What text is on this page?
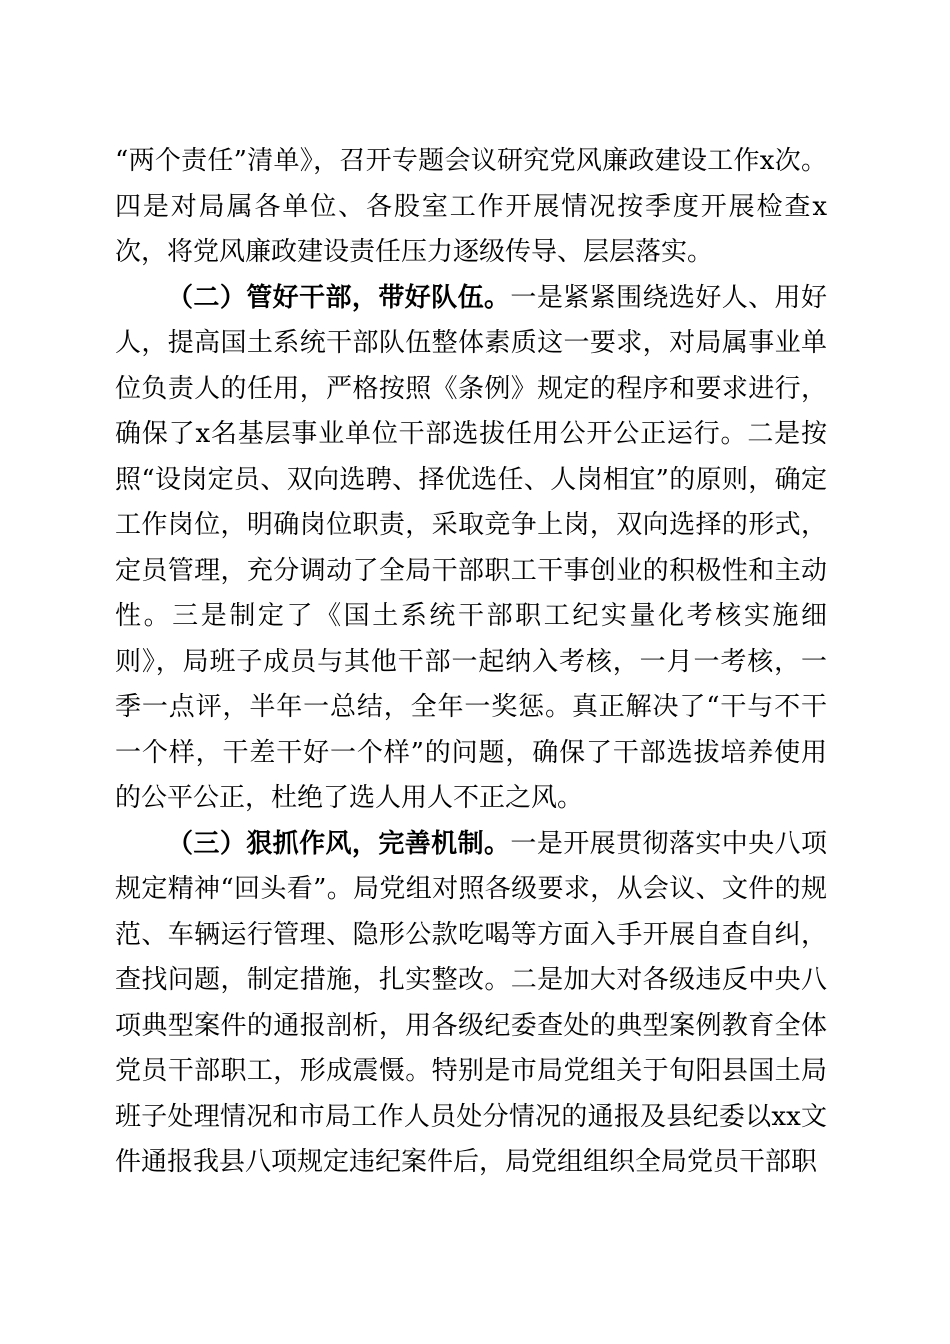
“两个责任”清单》，召开专题会议研究党风廉政建设工作x次。四是对局属各单位、各股室工作开展情况按季度开展检查x次，将党风廉政建设责任压力逐级传导、层层落实。

（二）管好干部，带好队伍。一是紧紧围绕选好人、用好人，提高国土系统干部队伍整体素质这一要求，对局属事业单位负责人的任用，严格按照《条例》规定的程序和要求进行，确保了x名基层事业单位干部选拔任用公开公正运行。二是按照“设岗定员、双向选聘、择优选任、人岗相宜”的原则，确定工作岗位，明确岗位职责，采取竞争上岗，双向选择的形式，定员管理，充分调动了全局干部职工干事创业的积极性和主动性。三是制定了《国土系统干部职工纪实量化考核实施细则》，局班子成员与其他干部一起纳入考核，一月一考核，一季一点评，半年一总结，全年一奖惩。真正解决了“干与不干一个样，干差干好一个样”的问题，确保了干部选拔培养使用的公平公正，杜绝了选人用人不正之风。

（三）狠抓作风，完善机制。一是开展贯彻落实中央八项规定精神“回头看”。局党组对照各级要求，从会议、文件的规范、车辆运行管理、隐形公款吃喝等方面入手开展自查自纠，查找问题，制定措施，扎实整改。二是加大对各级违反中央八项典型案件的通报剖析，用各级纪委查处的典型案例教育全体党员干部职工，形成震慑。特别是市局党组关于旬阳县国土局班子处理情况和市局工作人员处分情况的通报及县纪委以xx文件通报我县八项规定违纪案件后，局党组组织全局党员干部职
